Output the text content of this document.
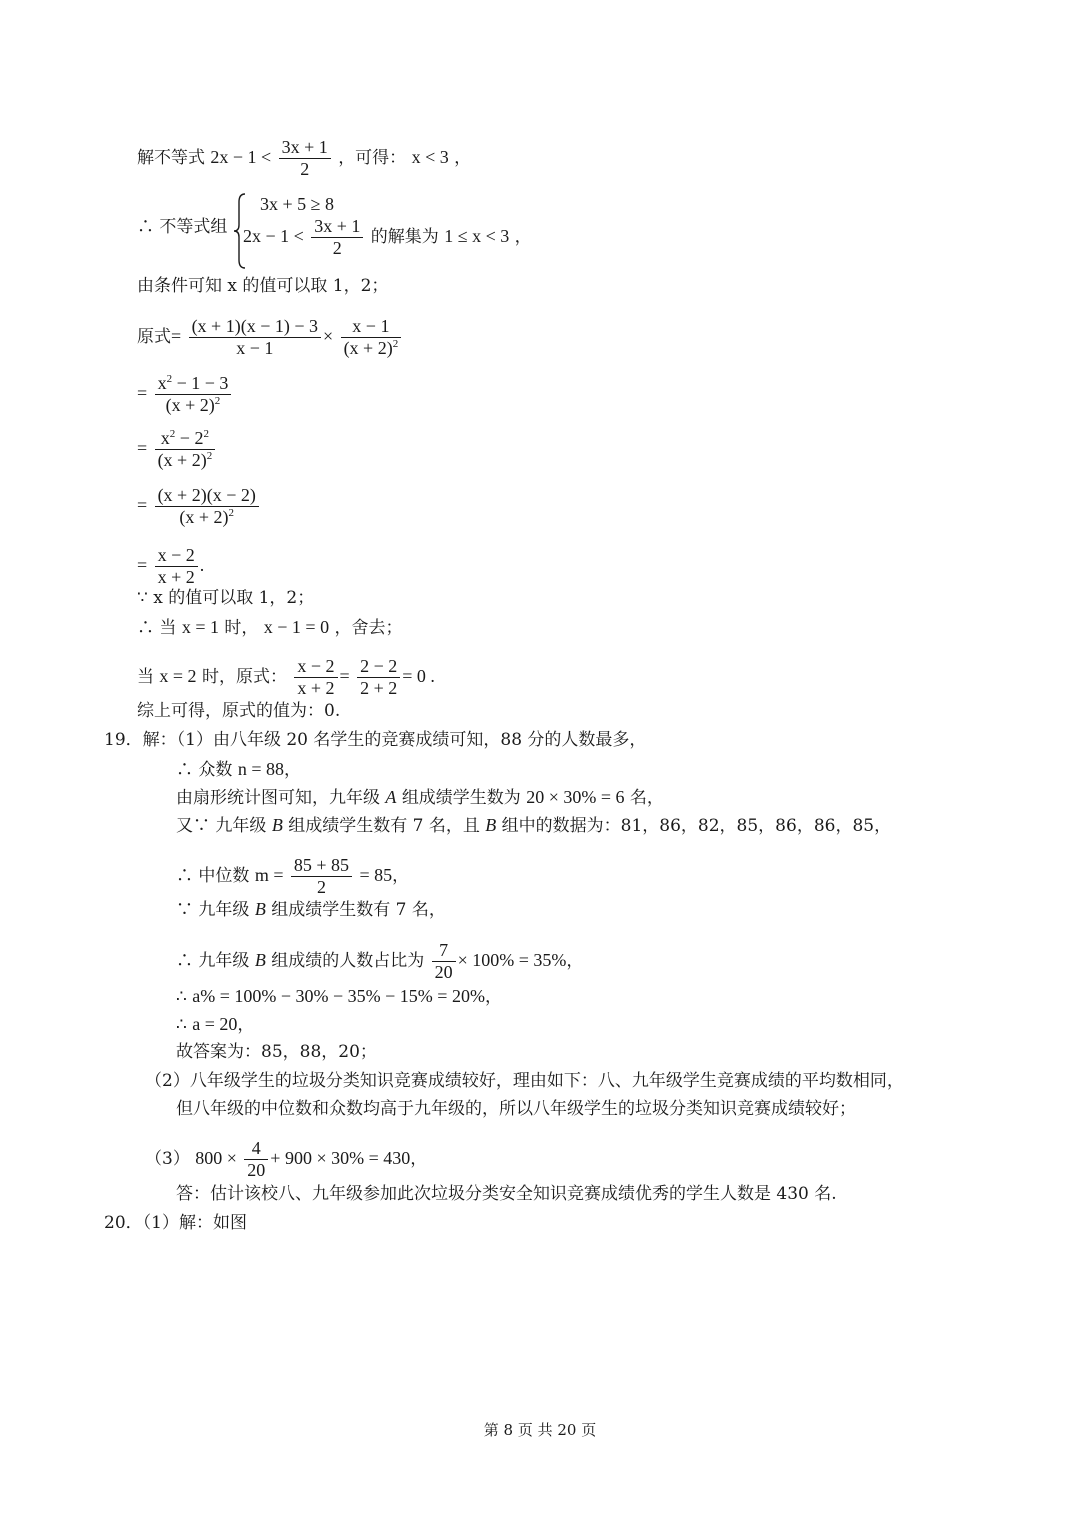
解不等式 $2x - 1 < \frac{3x + 1}{2}$ ，可得： x < 3 ，
∴ 不等式组
3x + 5 ≥ 8
$2x - 1 < \frac{3x + 1}{2}$ 的解集为 1 ≤ x < 3 ，
由条件可知 x 的值可以取 1，2；
原式= $\frac{(x + 1)(x - 1) - 3}{x - 1} \times \frac{x - 1}{(x + 2)^2}$
= $\frac{x^2 - 1 - 3}{(x + 2)^2}$
= $\frac{x^2 - 2^2}{(x + 2)^2}$
= $\frac{(x + 2)(x - 2)}{(x + 2)^2}$
= $\frac{x - 2}{x + 2}$ .
∵ x 的值可以取 1，2；
∴ 当 x = 1 时， x − 1 = 0 ，舍去；
当 x = 2 时，原式： $\frac{x - 2}{x + 2} = \frac{2 - 2}{2 + 2} = 0$ .
综上可得，原式的值为：0.
19．解：（1）由八年级 20 名学生的竞赛成绩可知，88 分的人数最多，
∴ 众数 n = 88，
由扇形统计图可知，九年级 A 组成绩学生数为 20 × 30% = 6 名，
又∵ 九年级 B 组成绩学生数有 7 名，且 B 组中的数据为：81，86，82，85，86，86，85，
∴ 中位数 $m = \frac{85 + 85}{2} = 85$，
∵ 九年级 B 组成绩学生数有 7 名，
∴ 九年级 B 组成绩的人数占比为 $\frac{7}{20} \times 100\% = 35\%$，
∴ a% = 100% − 30% − 35% − 15% = 20%，
∴ a = 20，
故答案为：85，88，20；
（2）八年级学生的垃圾分类知识竞赛成绩较好，理由如下：八、九年级学生竞赛成绩的平均数相同，
但八年级的中位数和众数均高于九年级的，所以八年级学生的垃圾分类知识竞赛成绩较好；
（3） $800 \times \frac{4}{20} + 900 \times 30\% = 430$，
答：估计该校八、九年级参加此次垃圾分类安全知识竞赛成绩优秀的学生人数是 430 名.
20．（1）解：如图
第 8 页 共 20 页
